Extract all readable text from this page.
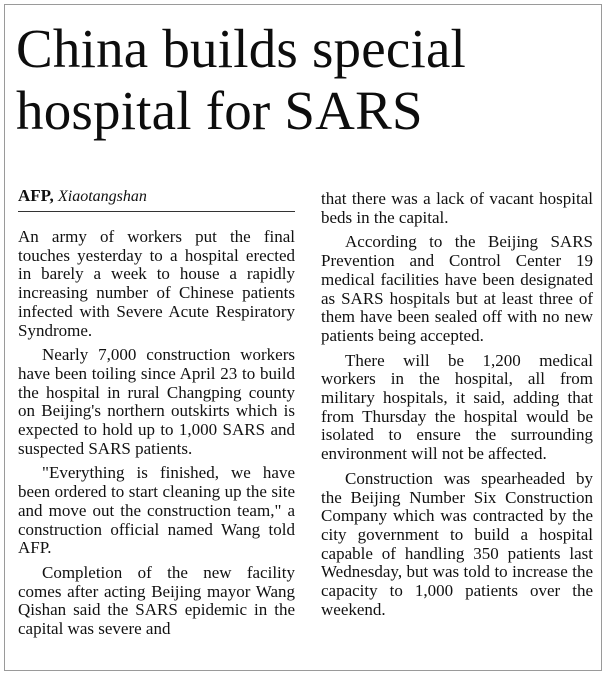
China builds special
hospital for SARS
AFP, Xiaotangshan

An army of workers put the final touches yesterday to a hospital erected in barely a week to house a rapidly increasing number of Chinese patients infected with Severe Acute Respiratory Syndrome.

Nearly 7,000 construction workers have been toiling since April 23 to build the hospital in rural Changping county on Beijing's northern outskirts which is expected to hold up to 1,000 SARS and suspected SARS patients.

"Everything is finished, we have been ordered to start cleaning up the site and move out the construction team," a construction official named Wang told AFP.

Completion of the new facility comes after acting Beijing mayor Wang Qishan said the SARS epidemic in the capital was severe and

that there was a lack of vacant hospital beds in the capital.

According to the Beijing SARS Prevention and Control Center 19 medical facilities have been designated as SARS hospitals but at least three of them have been sealed off with no new patients being accepted.

There will be 1,200 medical workers in the hospital, all from military hospitals, it said, adding that from Thursday the hospital would be isolated to ensure the surrounding environment will not be affected.

Construction was spearheaded by the Beijing Number Six Construction Company which was contracted by the city government to build a hospital capable of handling 350 patients last Wednesday, but was told to increase the capacity to 1,000 patients over the weekend.
